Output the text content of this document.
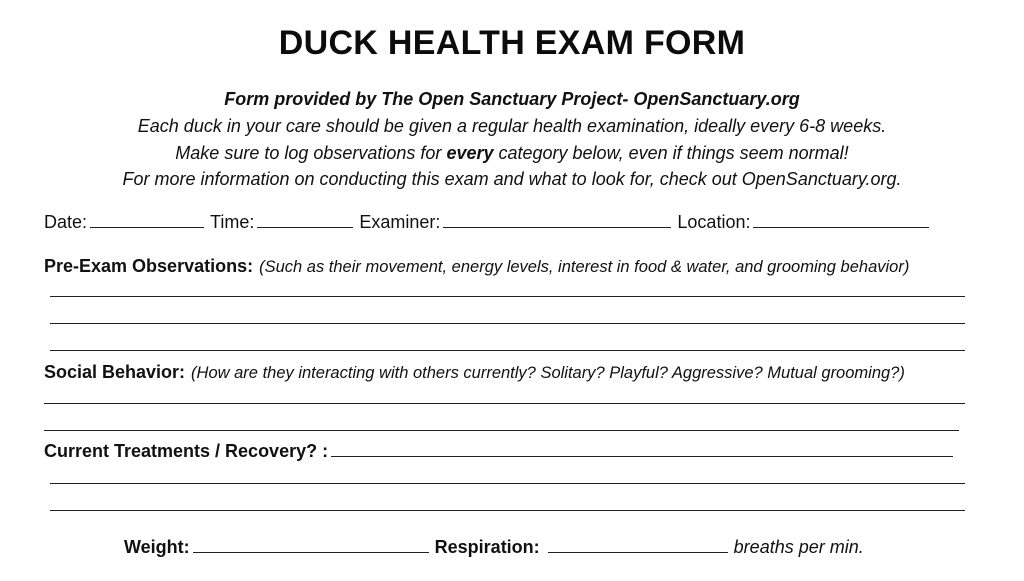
DUCK HEALTH EXAM FORM
Form provided by The Open Sanctuary Project- OpenSanctuary.org
Each duck in your care should be given a regular health examination, ideally every 6-8 weeks.
Make sure to log observations for every category below, even if things seem normal!
For more information on conducting this exam and what to look for, check out OpenSanctuary.org.
Date:	Time:	Examiner:	Location:
Pre-Exam Observations: (Such as their movement, energy levels, interest in food & water, and grooming behavior)
Social Behavior: (How are they interacting with others currently? Solitary? Playful? Aggressive? Mutual grooming?)
Current Treatments / Recovery? :
Weight:	Respiration:	breaths per min.
